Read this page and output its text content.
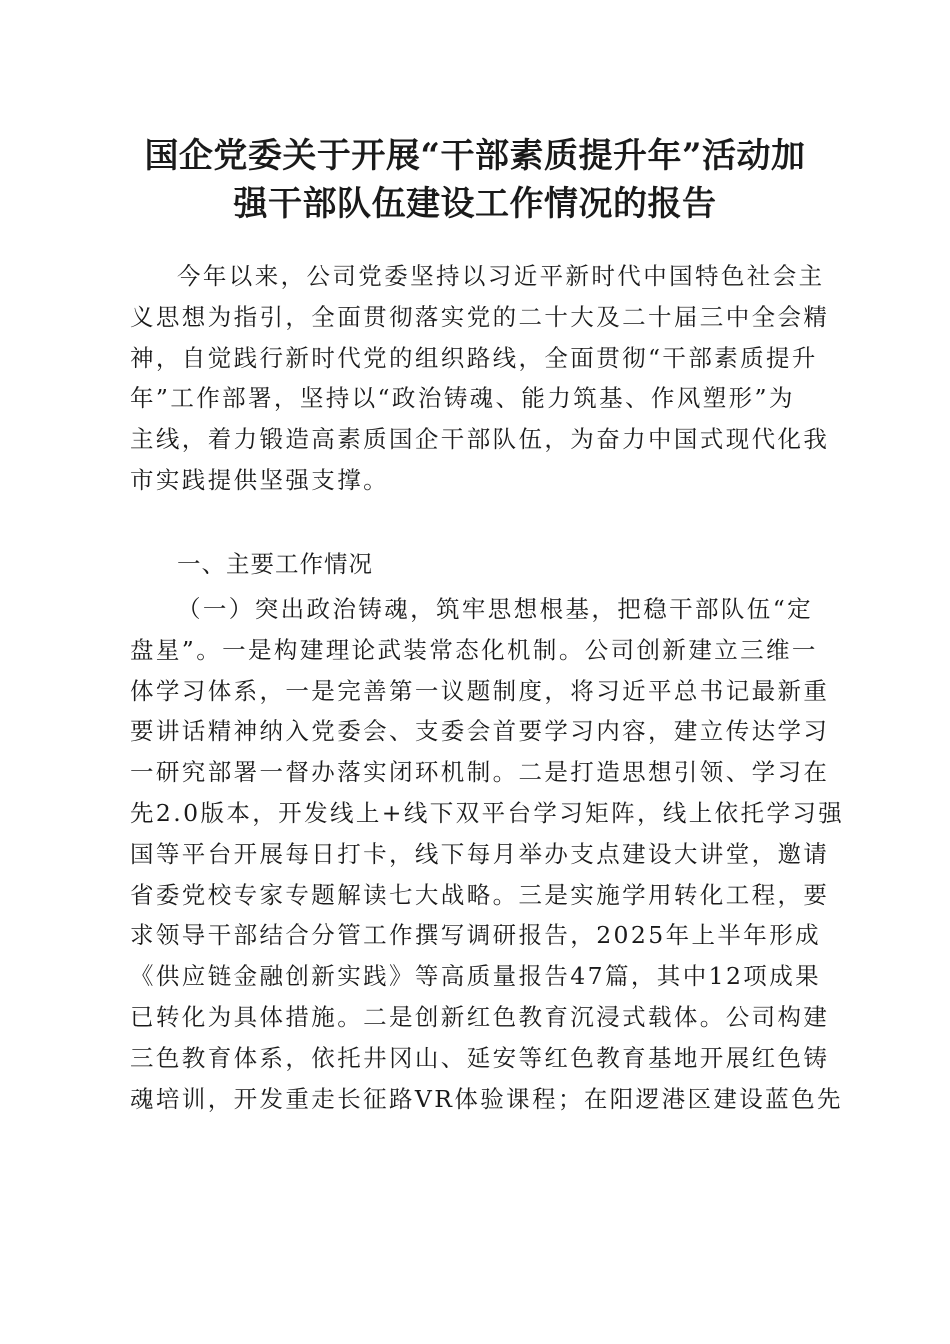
国企党委关于开展“干部素质提升年”活动加
强干部队伍建设工作情况的报告
今年以来，公司党委坚持以习近平新时代中国特色社会主
义思想为指引，全面贯彻落实党的二十大及二十届三中全会精
神，自觉践行新时代党的组织路线，全面贯彻“干部素质提升
年”工作部署，坚持以“政治铸魂、能力筑基、作风塑形”为
主线，着力锻造高素质国企干部队伍，为奋力中国式现代化我
市实践提供坚强支撑。
一、主要工作情况
（一）突出政治铸魂，筑牢思想根基，把稳干部队伍“定
盘星”。一是构建理论武装常态化机制。公司创新建立三维一
体学习体系，一是完善第一议题制度，将习近平总书记最新重
要讲话精神纳入党委会、支委会首要学习内容，建立传达学习
一研究部署一督办落实闭环机制。二是打造思想引领、学习在
先2.0版本，开发线上+线下双平台学习矩阵，线上依托学习强
国等平台开展每日打卡，线下每月举办支点建设大讲堂，邀请
省委党校专家专题解读七大战略。三是实施学用转化工程，要
求领导干部结合分管工作撰写调研报告，2025年上半年形成
《供应链金融创新实践》等高质量报告47篇，其中12项成果
已转化为具体措施。二是创新红色教育沉浸式载体。公司构建
三色教育体系，依托井冈山、延安等红色教育基地开展红色铸
魂培训，开发重走长征路VR体验课程；在阳逻港区建设蓝色先
